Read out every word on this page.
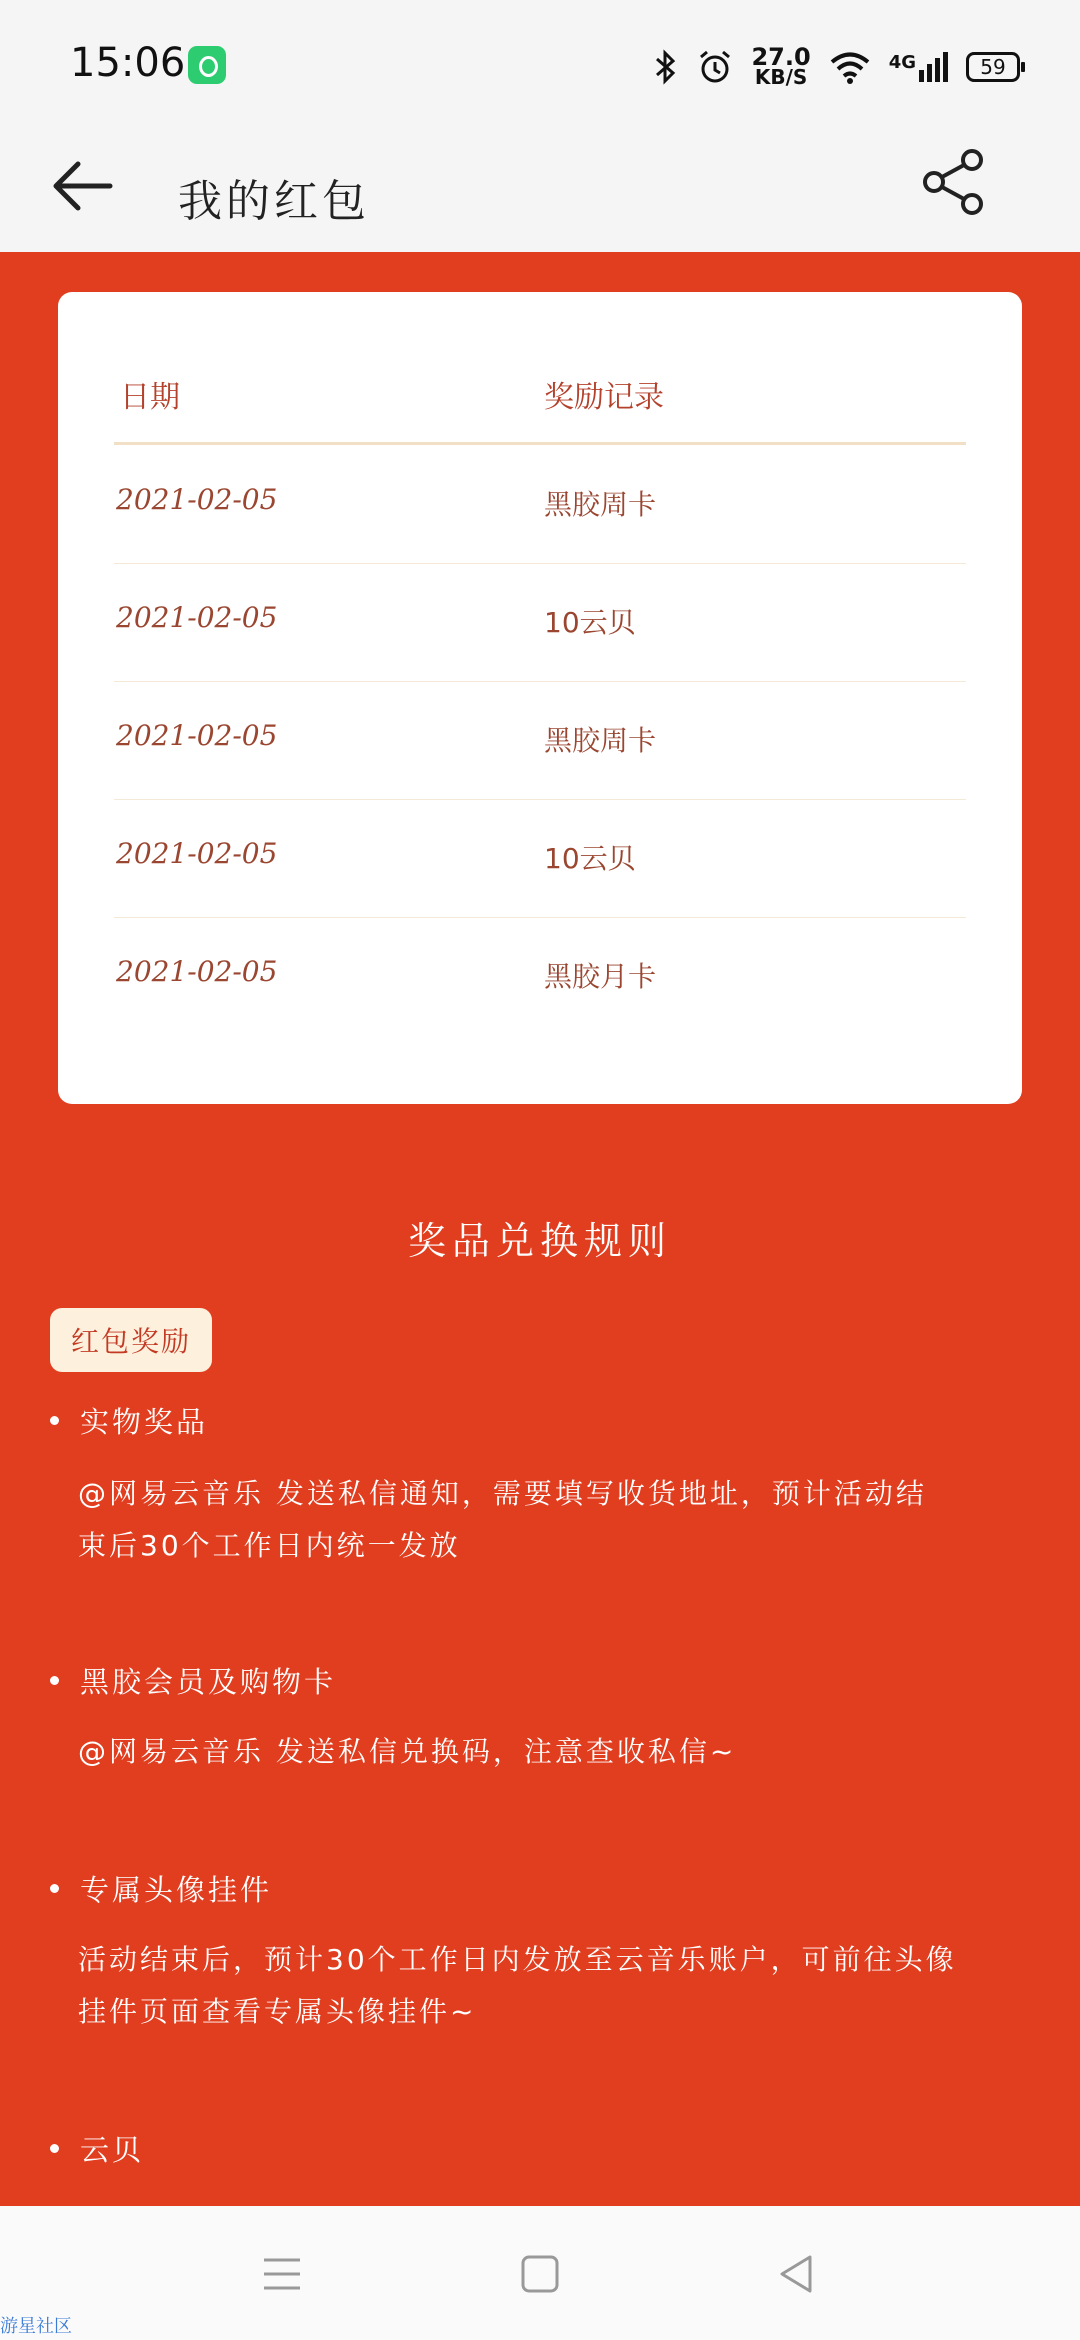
15:06	27.0
KB/S
4G	59
我的红包
日期	奖励记录
2021-02-05	黑胶周卡
2021-02-05	10云贝
2021-02-05	黑胶周卡
2021-02-05	10云贝
2021-02-05	黑胶月卡
奖品兑换规则
红包奖励
实物奖品
@网易云音乐 发送私信通知，需要填写收货地址，预计活动结
束后30个工作日内统一发放
黑胶会员及购物卡
@网易云音乐 发送私信兑换码，注意查收私信~
专属头像挂件
活动结束后，预计30个工作日内发放至云音乐账户，可前往头像
挂件页面查看专属头像挂件~
云贝
游星社区
